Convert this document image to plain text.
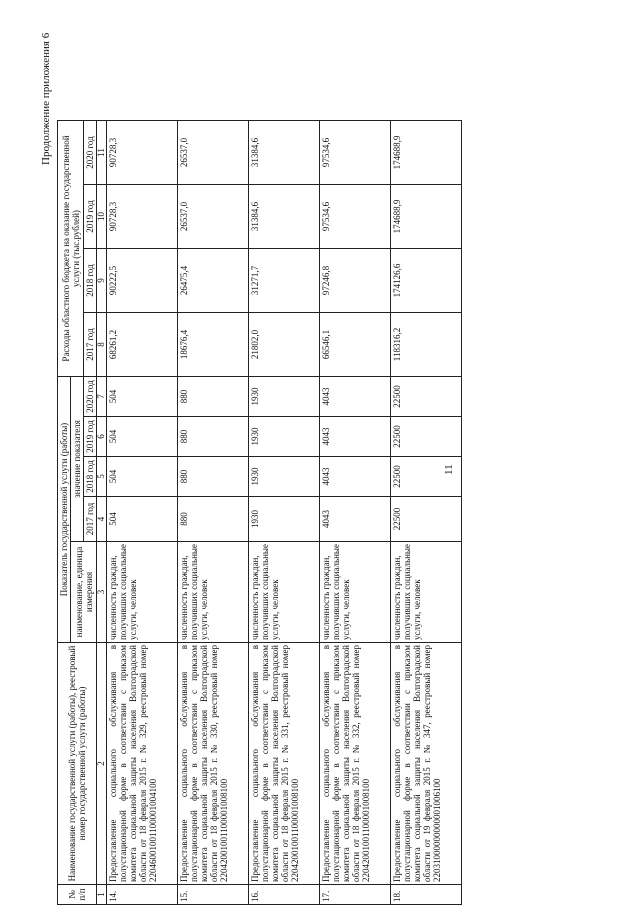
11
Продолжение приложения 6
№ п/п	Наименование государственной услуги (работы), реестровый номер государственной услуги (работы)	Показатель государственной услуги (работы)					Расходы областного бюджета на оказание государственной услуги (тыс.рублей)			
		наименование, единица измерения	значение показателя							
			2017 год	2018 год	2019 год	2020 год	2017 год	2018 год	2019 год	2020 год
1	2	3	4	5	6	7	8	9	10	11
14.	Предоставление социального обслуживания в полустационарной форме в соответствии с приказом комитета социальной защиты населения Волгоградской области от 18 февраля 2015 г. № 329, реестровый номер 22046001001100001004100	численность граждан, получивших социальные услуги, человек	504	504	504	504	68261,2	90222,5	90728,3	90728,3
15.	Предоставление социального обслуживания в полустационарной форме в соответствии с приказом комитета социальной защиты населения Волгоградской области от 18 февраля 2015 г. № 330, реестровый номер 22042001001100001008100	численность граждан, получивших социальные услуги, человек	880	880	880	880	18676,4	26475,4	26537,0	26537,0
16.	Предоставление социального обслуживания в полустационарной форме в соответствии с приказом комитета социальной защиты населения Волгоградской области от 18 февраля 2015 г. № 331, реестровый номер 22042001001100001008100	численность граждан, получивших социальные услуги, человек	1930	1930	1930	1930	21802,0	31271,7	31384,6	31384,6
17.	Предоставление социального обслуживания в полустационарной форме в соответствии с приказом комитета социальной защиты населения Волгоградской области от 18 февраля 2015 г. № 332, реестровый номер 22042001001100001008100	численность граждан, получивших социальные услуги, человек	4043	4043	4043	4043	66546,1	97246,8	97534,6	97534,6
18.	Предоставление социального обслуживания в полустационарной форме в соответствии с приказом комитета социальной защиты населения Волгоградской области от 19 февраля 2015 г. № 347, реестровый номер 22031000000000001006100	численность граждан, получивших социальные услуги, человек	22500	22500	22500	22500	118316,2	174126,6	174688,9	174688,9
